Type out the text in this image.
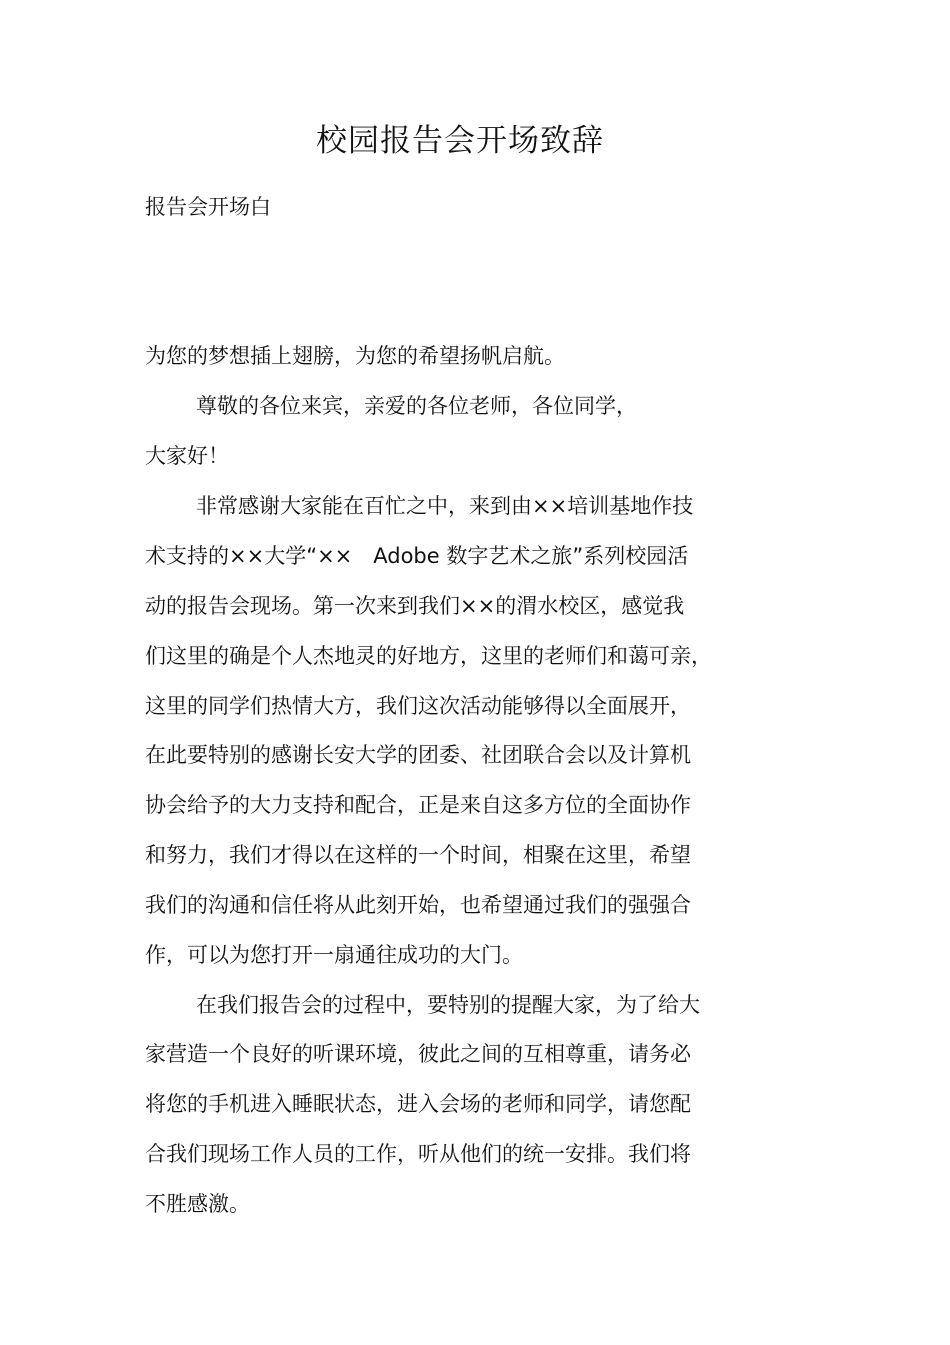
校园报告会开场致辞

报告会开场白

为您的梦想插上翅膀，为您的希望扬帆启航。

尊敬的各位来宾，亲爱的各位老师，各位同学，

大家好！

非常感谢大家能在百忙之中，来到由××培训基地作技

术支持的××大学“××　Adobe 数字艺术之旅”系列校园活

动的报告会现场。第一次来到我们××的渭水校区，感觉我

们这里的确是个人杰地灵的好地方，这里的老师们和蔼可亲，

这里的同学们热情大方，我们这次活动能够得以全面展开，

在此要特别的感谢长安大学的团委、社团联合会以及计算机

协会给予的大力支持和配合，正是来自这多方位的全面协作

和努力，我们才得以在这样的一个时间，相聚在这里，希望

我们的沟通和信任将从此刻开始，也希望通过我们的强强合

作，可以为您打开一扇通往成功的大门。

在我们报告会的过程中，要特别的提醒大家，为了给大

家营造一个良好的听课环境，彼此之间的互相尊重，请务必

将您的手机进入睡眠状态，进入会场的老师和同学，请您配

合我们现场工作人员的工作，听从他们的统一安排。我们将

不胜感激。
